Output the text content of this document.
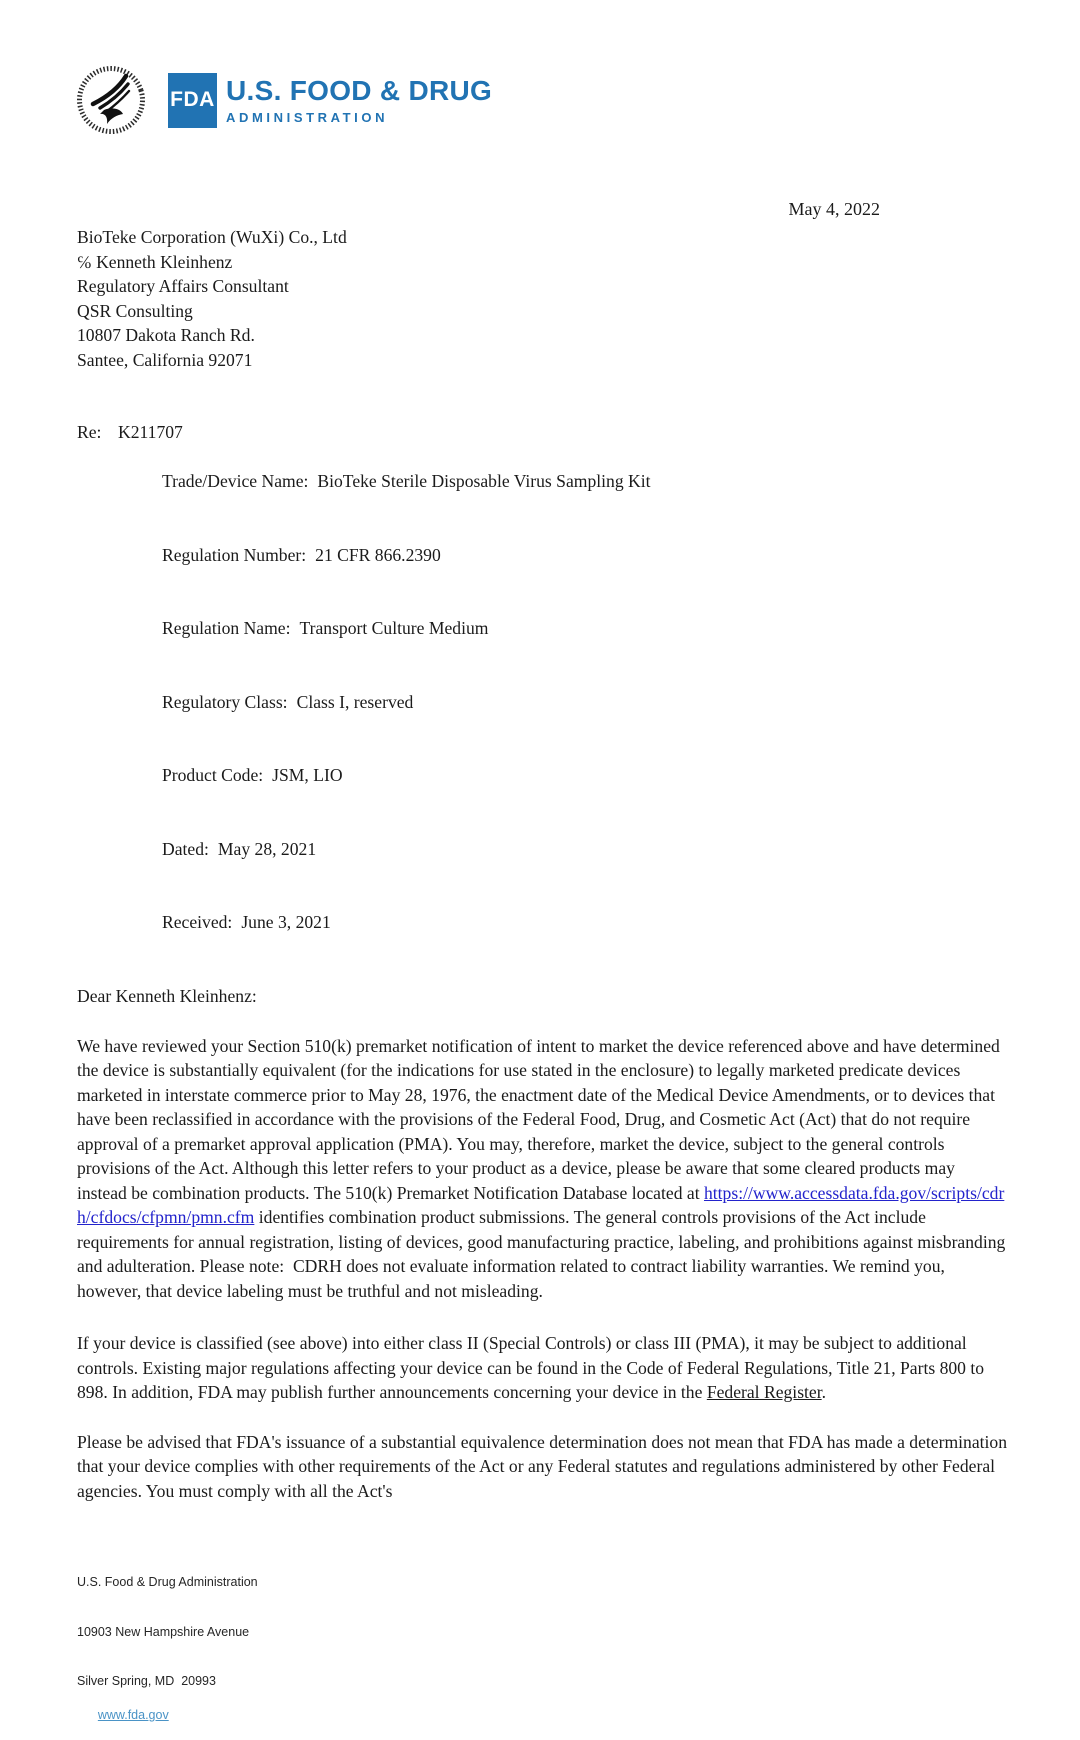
FDA U.S. FOOD & DRUG
ADMINISTRATION
May 4, 2022
BioTeke Corporation (WuXi) Co., Ltd
℅ Kenneth Kleinhenz
Regulatory Affairs Consultant
QSR Consulting
10807 Dakota Ranch Rd.
Santee, California 92071
Re: K211707

Trade/Device Name: BioTeke Sterile Disposable Virus Sampling Kit

Regulation Number: 21 CFR 866.2390

Regulation Name: Transport Culture Medium

Regulatory Class: Class I, reserved

Product Code: JSM, LIO

Dated: May 28, 2021

Received: June 3, 2021

Dear Kenneth Kleinhenz:
We have reviewed your Section 510(k) premarket notification of intent to market the device referenced above and have determined the device is substantially equivalent (for the indications for use stated in the enclosure) to legally marketed predicate devices marketed in interstate commerce prior to May 28, 1976, the enactment date of the Medical Device Amendments, or to devices that have been reclassified in accordance with the provisions of the Federal Food, Drug, and Cosmetic Act (Act) that do not require approval of a premarket approval application (PMA). You may, therefore, market the device, subject to the general controls provisions of the Act. Although this letter refers to your product as a device, please be aware that some cleared products may instead be combination products. The 510(k) Premarket Notification Database located at https://www.accessdata.fda.gov/scripts/cdrh/cfdocs/cfpmn/pmn.cfm identifies combination product submissions. The general controls provisions of the Act include requirements for annual registration, listing of devices, good manufacturing practice, labeling, and prohibitions against misbranding and adulteration. Please note:  CDRH does not evaluate information related to contract liability warranties. We remind you, however, that device labeling must be truthful and not misleading.
If your device is classified (see above) into either class II (Special Controls) or class III (PMA), it may be subject to additional controls. Existing major regulations affecting your device can be found in the Code of Federal Regulations, Title 21, Parts 800 to 898. In addition, FDA may publish further announcements concerning your device in the Federal Register.
Please be advised that FDA's issuance of a substantial equivalence determination does not mean that FDA has made a determination that your device complies with other requirements of the Act or any Federal statutes and regulations administered by other Federal agencies. You must comply with all the Act's

U.S. Food & Drug Administration

10903 New Hampshire Avenue

Silver Spring, MD  20993

www.fda.gov
